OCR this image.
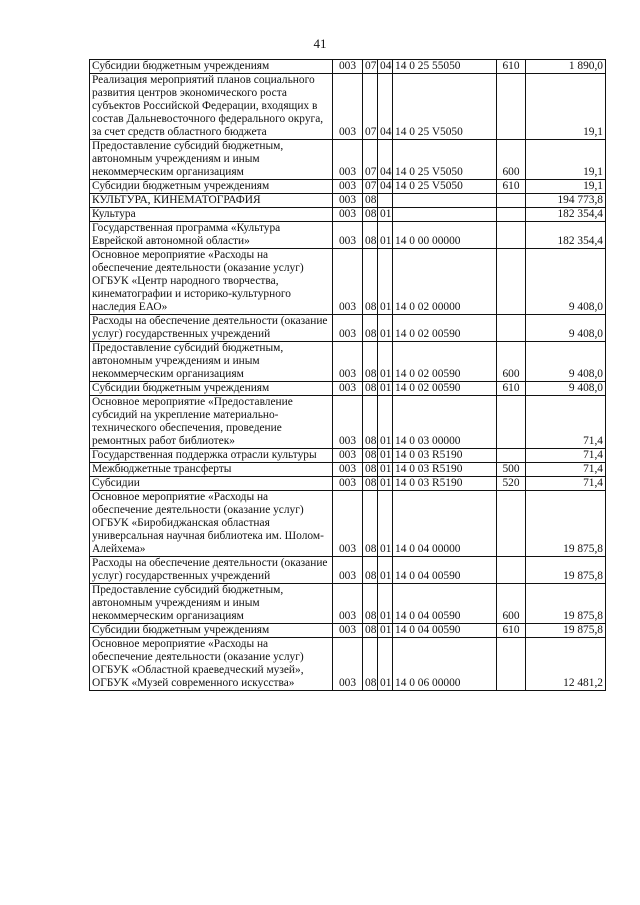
41
Субсидии бюджетным учреждениям	003	07	04	14 0 25 55050	610	1 890,0
Реализация мероприятий планов социального развития центров экономического роста субъектов Российской Федерации, входящих в состав Дальневосточного федерального округа, за счет средств областного бюджета	003	07	04	14 0 25 V5050		19,1
Предоставление субсидий бюджетным, автономным учреждениям и иным некоммерческим организациям	003	07	04	14 0 25 V5050	600	19,1
Субсидии бюджетным учреждениям	003	07	04	14 0 25 V5050	610	19,1
КУЛЬТУРА, КИНЕМАТОГРАФИЯ	003	08				194 773,8
Культура	003	08	01			182 354,4
Государственная программа «Культура Еврейской автономной области»	003	08	01	14 0 00 00000		182 354,4
Основное мероприятие «Расходы на обеспечение деятельности (оказание услуг) ОГБУК «Центр народного творчества, кинематографии и историко-культурного наследия ЕАО»	003	08	01	14 0 02 00000		9 408,0
Расходы на обеспечение деятельности (оказание услуг) государственных учреждений	003	08	01	14 0 02 00590		9 408,0
Предоставление субсидий бюджетным, автономным учреждениям и иным некоммерческим организациям	003	08	01	14 0 02 00590	600	9 408,0
Субсидии бюджетным учреждениям	003	08	01	14 0 02 00590	610	9 408,0
Основное мероприятие «Предоставление субсидий на укрепление материально-технического обеспечения, проведение ремонтных работ библиотек»	003	08	01	14 0 03 00000		71,4
Государственная поддержка отрасли культуры	003	08	01	14 0 03 R5190		71,4
Межбюджетные трансферты	003	08	01	14 0 03 R5190	500	71,4
Субсидии	003	08	01	14 0 03 R5190	520	71,4
Основное мероприятие «Расходы на обеспечение деятельности (оказание услуг) ОГБУК «Биробиджанская областная универсальная научная библиотека им. Шолом-Алейхема»	003	08	01	14 0 04 00000		19 875,8
Расходы на обеспечение деятельности (оказание услуг) государственных учреждений	003	08	01	14 0 04 00590		19 875,8
Предоставление субсидий бюджетным, автономным учреждениям и иным некоммерческим организациям	003	08	01	14 0 04 00590	600	19 875,8
Субсидии бюджетным учреждениям	003	08	01	14 0 04 00590	610	19 875,8
Основное мероприятие «Расходы на обеспечение деятельности (оказание услуг) ОГБУК «Областной краеведческий музей», ОГБУК «Музей современного искусства»	003	08	01	14 0 06 00000		12 481,2
